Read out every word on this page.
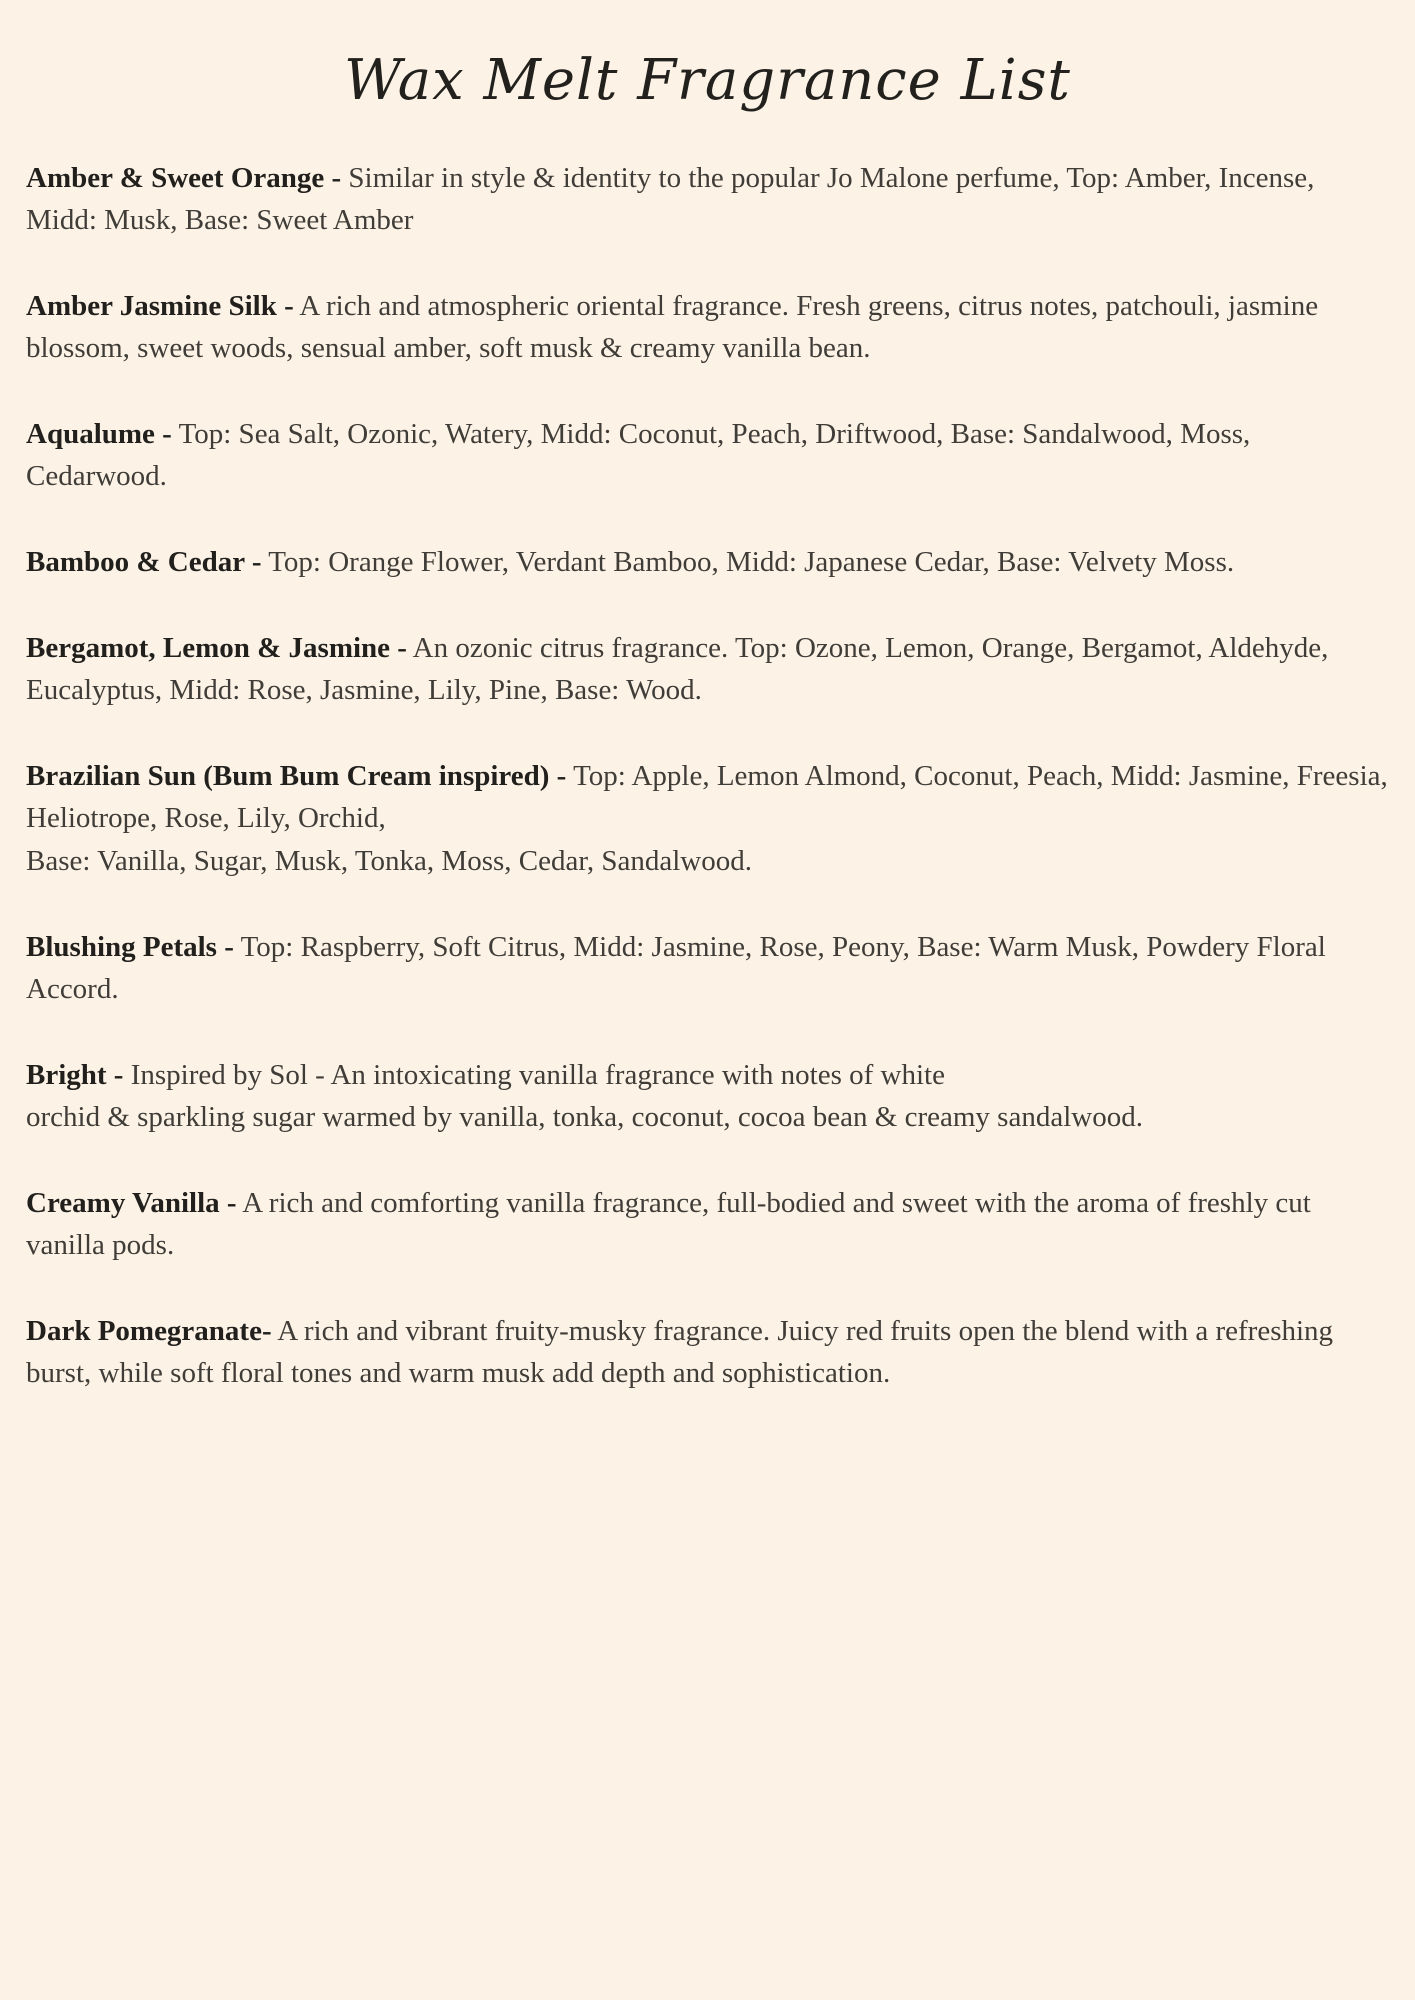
Wax Melt Fragrance List

Amber & Sweet Orange - Similar in style & identity to the popular Jo Malone perfume, Top: Amber, Incense, Midd: Musk, Base: Sweet Amber

Amber Jasmine Silk - A rich and atmospheric oriental fragrance. Fresh greens, citrus notes, patchouli, jasmine blossom, sweet woods, sensual amber, soft musk & creamy vanilla bean.

Aqualume - Top: Sea Salt, Ozonic, Watery, Midd: Coconut, Peach, Driftwood, Base: Sandalwood, Moss, Cedarwood.

Bamboo & Cedar - Top: Orange Flower, Verdant Bamboo, Midd: Japanese Cedar, Base: Velvety Moss.

Bergamot, Lemon & Jasmine - An ozonic citrus fragrance. Top: Ozone, Lemon, Orange, Bergamot, Aldehyde, Eucalyptus, Midd: Rose, Jasmine, Lily, Pine, Base: Wood.

Brazilian Sun (Bum Bum Cream inspired) - Top: Apple, Lemon Almond, Coconut, Peach, Midd: Jasmine, Freesia, Heliotrope, Rose, Lily, Orchid,
Base: Vanilla, Sugar, Musk, Tonka, Moss, Cedar, Sandalwood.

Blushing Petals - Top: Raspberry, Soft Citrus, Midd: Jasmine, Rose, Peony, Base: Warm Musk, Powdery Floral Accord.

Bright - Inspired by Sol - An intoxicating vanilla fragrance with notes of white
orchid & sparkling sugar warmed by vanilla, tonka, coconut, cocoa bean & creamy sandalwood.

Creamy Vanilla - A rich and comforting vanilla fragrance, full-bodied and sweet with the aroma of freshly cut vanilla pods.

Dark Pomegranate- A rich and vibrant fruity-musky fragrance. Juicy red fruits open the blend with a refreshing burst, while soft floral tones and warm musk add depth and sophistication.
